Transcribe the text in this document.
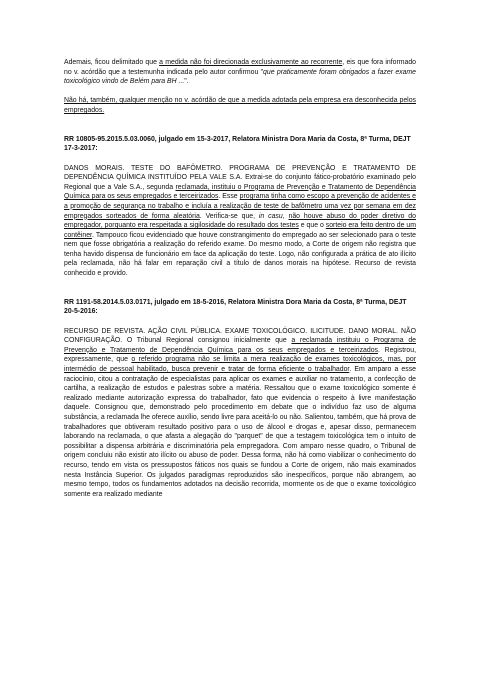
Ademais, ficou delimitado que a medida não foi direcionada exclusivamente ao recorrente, eis que fora informado no v. acórdão que a testemunha indicada pelo autor confirmou "que praticamente foram obrigados a fazer exame toxicológico vindo de Belém para BH ...".

Não há, também, qualquer menção no v. acórdão de que a medida adotada pela empresa era desconhecida pelos empregados.

RR 10805-95.2015.5.03.0060, julgado em 15-3-2017, Relatora Ministra Dora Maria da Costa, 8ª Turma, DEJT 17-3-2017:

DANOS MORAIS. TESTE DO BAFÔMETRO. PROGRAMA DE PREVENÇÃO E TRATAMENTO DE DEPENDÊNCIA QUÍMICA INSTITUÍDO PELA VALE S.A. Extrai-se do conjunto fático-probatório examinado pelo Regional que a Vale S.A., segunda reclamada, instituiu o Programa de Prevenção e Tratamento de Dependência Química para os seus empregados e terceirizados. Esse programa tinha como escopo a prevenção de acidentes e a promoção de segurança no trabalho e incluía a realização de teste de bafômetro uma vez por semana em dez empregados sorteados de forma aleatória. Verifica-se que, in casu, não houve abuso do poder diretivo do empregador, porquanto era respeitada a sigilosidade do resultado dos testes e que o sorteio era feito dentro de um contêiner. Tampouco ficou evidenciado que houve constrangimento do empregado ao ser selecionado para o teste nem que fosse obrigatória a realização do referido exame. Do mesmo modo, a Corte de origem não registra que tenha havido dispensa de funcionário em face da aplicação do teste. Logo, não configurada a prática de ato ilícito pela reclamada, não há falar em reparação civil a título de danos morais na hipótese. Recurso de revista conhecido e provido.

RR 1191-58.2014.5.03.0171, julgado em 18-5-2016, Relatora Ministra Dora Maria da Costa, 8ª Turma, DEJT 20-5-2016:

RECURSO DE REVISTA. AÇÃO CIVIL PÚBLICA. EXAME TOXICOLÓGICO. ILICITUDE. DANO MORAL. NÃO CONFIGURAÇÃO. O Tribunal Regional consignou inicialmente que a reclamada instituiu o Programa de Prevenção e Tratamento de Dependência Química para os seus empregados e terceirizados. Registrou, expressamente, que o referido programa não se limita a mera realização de exames toxicológicos, mas, por intermédio de pessoal habilitado, busca prevenir e tratar de forma eficiente o trabalhador. Em amparo a esse raciocínio, citou a contratação de especialistas para aplicar os exames e auxiliar no tratamento, a confecção de cartilha, a realização de estudos e palestras sobre a matéria. Ressaltou que o exame toxicológico somente é realizado mediante autorização expressa do trabalhador, fato que evidencia o respeito à livre manifestação daquele. Consignou que, demonstrado pelo procedimento em debate que o indivíduo faz uso de alguma substância, a reclamada lhe oferece auxílio, sendo livre para aceitá-lo ou não. Salientou, também, que há prova de trabalhadores que obtiveram resultado positivo para o uso de álcool e drogas e, apesar disso, permanecem laborando na reclamada, o que afasta a alegação do "parquet" de que a testagem toxicológica tem o intuito de possibilitar a dispensa arbitrária e discriminatória pela empregadora. Com amparo nesse quadro, o Tribunal de origem concluiu não existir ato ilícito ou abuso de poder. Dessa forma, não há como viabilizar o conhecimento do recurso, tendo em vista os pressupostos fáticos nos quais se fundou a Corte de origem, não mais examinados nesta Instância Superior. Os julgados paradigmas reproduzidos são inespecíficos, porque não abrangem, ao mesmo tempo, todos os fundamentos adotados na decisão recorrida, mormente os de que o exame toxicológico somente era realizado mediante
